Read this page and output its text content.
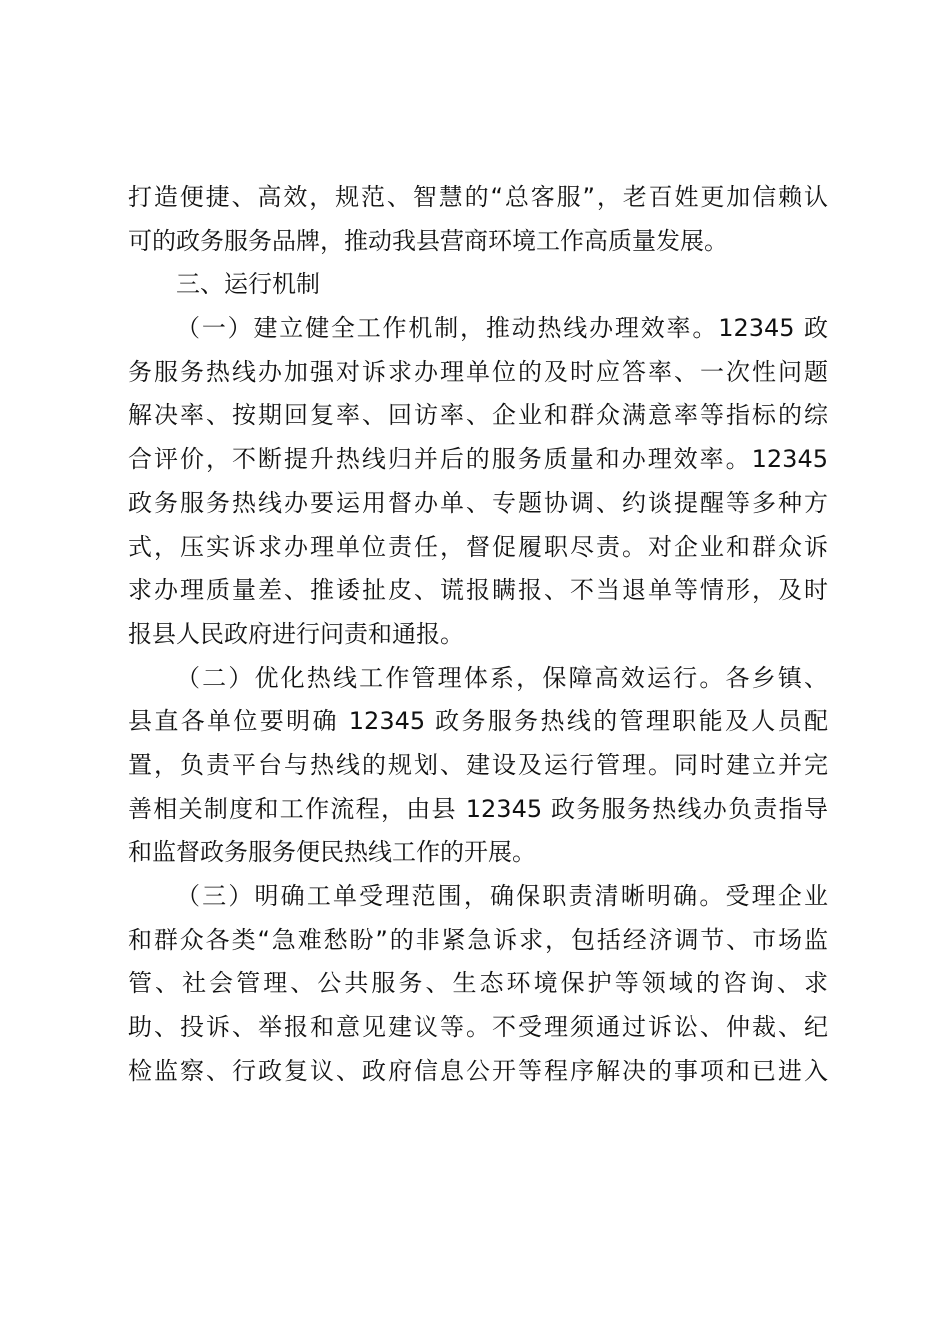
打造便捷、高效，规范、智慧的“总客服”，老百姓更加信赖认
可的政务服务品牌，推动我县营商环境工作高质量发展。
三、运行机制
（一）建立健全工作机制，推动热线办理效率。12345 政
务服务热线办加强对诉求办理单位的及时应答率、一次性问题
解决率、按期回复率、回访率、企业和群众满意率等指标的综
合评价，不断提升热线归并后的服务质量和办理效率。12345
政务服务热线办要运用督办单、专题协调、约谈提醒等多种方
式，压实诉求办理单位责任，督促履职尽责。对企业和群众诉
求办理质量差、推诿扯皮、谎报瞒报、不当退单等情形，及时
报县人民政府进行问责和通报。
（二）优化热线工作管理体系，保障高效运行。各乡镇、
县直各单位要明确 12345 政务服务热线的管理职能及人员配
置，负责平台与热线的规划、建设及运行管理。同时建立并完
善相关制度和工作流程，由县 12345 政务服务热线办负责指导
和监督政务服务便民热线工作的开展。
（三）明确工单受理范围，确保职责清晰明确。受理企业
和群众各类“急难愁盼”的非紧急诉求，包括经济调节、市场监
管、社会管理、公共服务、生态环境保护等领域的咨询、求
助、投诉、举报和意见建议等。不受理须通过诉讼、仲裁、纪
检监察、行政复议、政府信息公开等程序解决的事项和已进入
